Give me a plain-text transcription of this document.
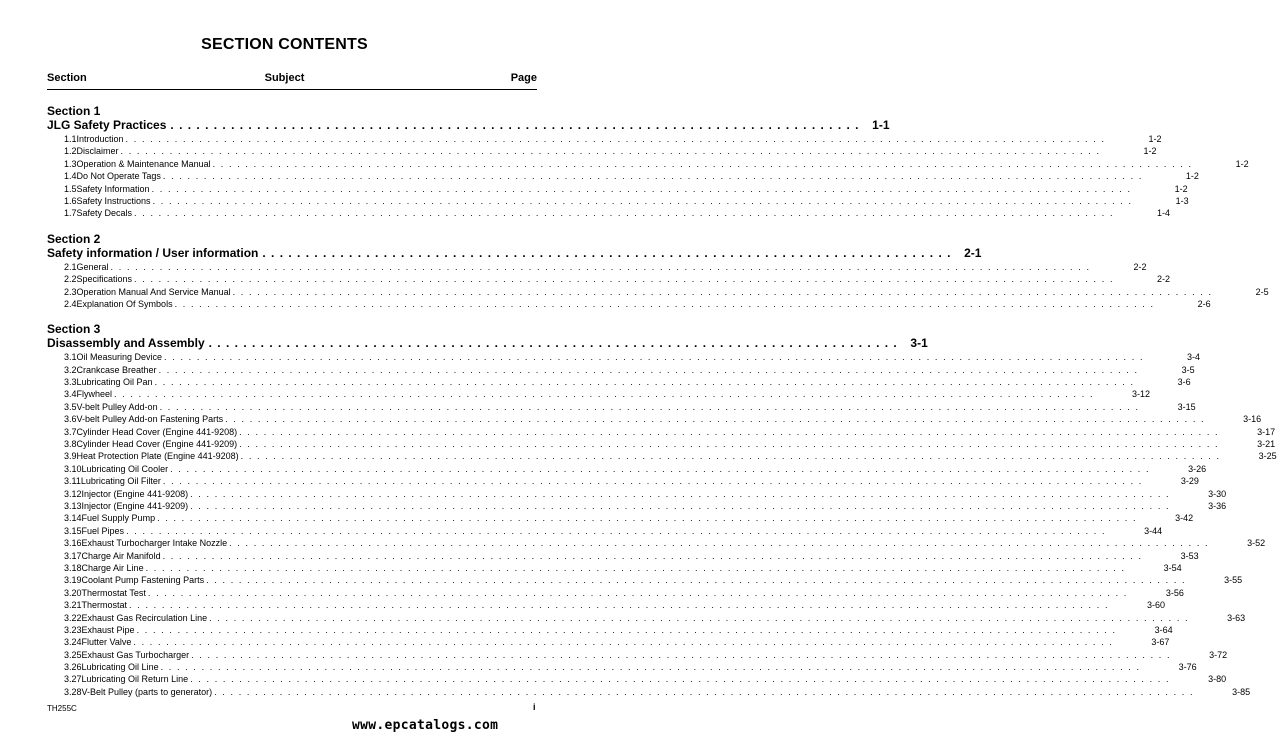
SECTION CONTENTS
Section	Subject	Page
Section 1
JLG Safety Practices . . . . . . . . . . . . . . . . . . . . . . . . . . . . . . . . . . . . . . . . . . . . . . . . . . . . . . . . . . . . . . . . . . . . . . . . . . . . . . . .	1-1
1.1 Introduction . . . . . . . . . . . . . . . . . . . . . . . . . . . . . . . . . . . . . . . . . . . . . . . . . . . . . . . . . . . . . . . . . . . . . . . . . . . . . . . . . . . . . . . . . . . . . . . . . . . . . . . . . . . . . . . . . . . . . . . .	1-2
1.2 Disclaimer . . . . . . . . . . . . . . . . . . . . . . . . . . . . . . . . . . . . . . . . . . . . . . . . . . . . . . . . . . . . . . . . . . . . . . . . . . . . . . . . . . . . . . . . . . . . . . . . . . . . . . . . . . . . . . . . . . . . . . . .	1-2
1.3 Operation & Maintenance Manual . . . . . . . . . . . . . . . . . . . . . . . . . . . . . . . . . . . . . . . . . . . . . . . . . . . . . . . . . . . . . . . . . . . . . . . . . . . . . . . . . . . . . . . . . . . . . . . . . . . . . . . . . . . . . . . . . . . . . . . .	1-2
1.4 Do Not Operate Tags . . . . . . . . . . . . . . . . . . . . . . . . . . . . . . . . . . . . . . . . . . . . . . . . . . . . . . . . . . . . . . . . . . . . . . . . . . . . . . . . . . . . . . . . . . . . . . . . . . . . . . . . . . . . . . . . . . . . . . . .	1-2
1.5 Safety Information . . . . . . . . . . . . . . . . . . . . . . . . . . . . . . . . . . . . . . . . . . . . . . . . . . . . . . . . . . . . . . . . . . . . . . . . . . . . . . . . . . . . . . . . . . . . . . . . . . . . . . . . . . . . . . . . . . . . . . . .	1-2
1.6 Safety Instructions . . . . . . . . . . . . . . . . . . . . . . . . . . . . . . . . . . . . . . . . . . . . . . . . . . . . . . . . . . . . . . . . . . . . . . . . . . . . . . . . . . . . . . . . . . . . . . . . . . . . . . . . . . . . . . . . . . . . . . . .	1-3
1.7 Safety Decals . . . . . . . . . . . . . . . . . . . . . . . . . . . . . . . . . . . . . . . . . . . . . . . . . . . . . . . . . . . . . . . . . . . . . . . . . . . . . . . . . . . . . . . . . . . . . . . . . . . . . . . . . . . . . . . . . . . . . . . .	1-4
Section 2
Safety information / User information . . . . . . . . . . . . . . . . . . . . . . . . . . . . . . . . . . . . . . . . . . . . . . . . . . . . . . . . . . . . . . . . . . . . . . . . . . . . . . . .	2-1
2.1 General . . . . . . . . . . . . . . . . . . . . . . . . . . . . . . . . . . . . . . . . . . . . . . . . . . . . . . . . . . . . . . . . . . . . . . . . . . . . . . . . . . . . . . . . . . . . . . . . . . . . . . . . . . . . . . . . . . . . . . . .	2-2
2.2 Specifications . . . . . . . . . . . . . . . . . . . . . . . . . . . . . . . . . . . . . . . . . . . . . . . . . . . . . . . . . . . . . . . . . . . . . . . . . . . . . . . . . . . . . . . . . . . . . . . . . . . . . . . . . . . . . . . . . . . . . . . .	2-2
2.3 Operation Manual And Service Manual . . . . . . . . . . . . . . . . . . . . . . . . . . . . . . . . . . . . . . . . . . . . . . . . . . . . . . . . . . . . . . . . . . . . . . . . . . . . . . . . . . . . . . . . . . . . . . . . . . . . . . . . . . . . . . . . . . . . . . . .	2-5
2.4 Explanation Of Symbols . . . . . . . . . . . . . . . . . . . . . . . . . . . . . . . . . . . . . . . . . . . . . . . . . . . . . . . . . . . . . . . . . . . . . . . . . . . . . . . . . . . . . . . . . . . . . . . . . . . . . . . . . . . . . . . . . . . . . . . .	2-6
Section 3
Disassembly and Assembly . . . . . . . . . . . . . . . . . . . . . . . . . . . . . . . . . . . . . . . . . . . . . . . . . . . . . . . . . . . . . . . . . . . . . . . . . . . . . . . .	3-1
3.1 Oil Measuring Device . . . . . . . . . . . . . . . . . . . . . . . . . . . . . . . . . . . . . . . . . . . . . . . . . . . . . . . . . . . . . . . . . . . . . . . . . . . . . . . . . . . . . . . . . . . . . . . . . . . . . . . . . . . . . . . . . . . . . . . .	3-4
3.2 Crankcase Breather . . . . . . . . . . . . . . . . . . . . . . . . . . . . . . . . . . . . . . . . . . . . . . . . . . . . . . . . . . . . . . . . . . . . . . . . . . . . . . . . . . . . . . . . . . . . . . . . . . . . . . . . . . . . . . . . . . . . . . . .	3-5
3.3 Lubricating Oil Pan . . . . . . . . . . . . . . . . . . . . . . . . . . . . . . . . . . . . . . . . . . . . . . . . . . . . . . . . . . . . . . . . . . . . . . . . . . . . . . . . . . . . . . . . . . . . . . . . . . . . . . . . . . . . . . . . . . . . . . . .	3-6
3.4 Flywheel . . . . . . . . . . . . . . . . . . . . . . . . . . . . . . . . . . . . . . . . . . . . . . . . . . . . . . . . . . . . . . . . . . . . . . . . . . . . . . . . . . . . . . . . . . . . . . . . . . . . . . . . . . . . . . . . . . . . . . . .	3-12
3.5 V-belt Pulley Add-on . . . . . . . . . . . . . . . . . . . . . . . . . . . . . . . . . . . . . . . . . . . . . . . . . . . . . . . . . . . . . . . . . . . . . . . . . . . . . . . . . . . . . . . . . . . . . . . . . . . . . . . . . . . . . . . . . . . . . . . .	3-15
3.6 V-belt Pulley Add-on Fastening Parts . . . . . . . . . . . . . . . . . . . . . . . . . . . . . . . . . . . . . . . . . . . . . . . . . . . . . . . . . . . . . . . . . . . . . . . . . . . . . . . . . . . . . . . . . . . . . . . . . . . . . . . . . . . . . . . . . . . . . . . .	3-16
3.7 Cylinder Head Cover (Engine 441-9208) . . . . . . . . . . . . . . . . . . . . . . . . . . . . . . . . . . . . . . . . . . . . . . . . . . . . . . . . . . . . . . . . . . . . . . . . . . . . . . . . . . . . . . . . . . . . . . . . . . . . . . . . . . . . . . . . . . . . . . . .	3-17
3.8 Cylinder Head Cover (Engine 441-9209) . . . . . . . . . . . . . . . . . . . . . . . . . . . . . . . . . . . . . . . . . . . . . . . . . . . . . . . . . . . . . . . . . . . . . . . . . . . . . . . . . . . . . . . . . . . . . . . . . . . . . . . . . . . . . . . . . . . . . . . .	3-21
3.9 Heat Protection Plate (Engine 441-9208) . . . . . . . . . . . . . . . . . . . . . . . . . . . . . . . . . . . . . . . . . . . . . . . . . . . . . . . . . . . . . . . . . . . . . . . . . . . . . . . . . . . . . . . . . . . . . . . . . . . . . . . . . . . . . . . . . . . . . . . .	3-25
3.10 Lubricating Oil Cooler . . . . . . . . . . . . . . . . . . . . . . . . . . . . . . . . . . . . . . . . . . . . . . . . . . . . . . . . . . . . . . . . . . . . . . . . . . . . . . . . . . . . . . . . . . . . . . . . . . . . . . . . . . . . . . . . . . . . . . . .	3-26
3.11 Lubricating Oil Filter . . . . . . . . . . . . . . . . . . . . . . . . . . . . . . . . . . . . . . . . . . . . . . . . . . . . . . . . . . . . . . . . . . . . . . . . . . . . . . . . . . . . . . . . . . . . . . . . . . . . . . . . . . . . . . . . . . . . . . . .	3-29
3.12 Injector (Engine 441-9208) . . . . . . . . . . . . . . . . . . . . . . . . . . . . . . . . . . . . . . . . . . . . . . . . . . . . . . . . . . . . . . . . . . . . . . . . . . . . . . . . . . . . . . . . . . . . . . . . . . . . . . . . . . . . . . . . . . . . . . . .	3-30
3.13 Injector (Engine 441-9209) . . . . . . . . . . . . . . . . . . . . . . . . . . . . . . . . . . . . . . . . . . . . . . . . . . . . . . . . . . . . . . . . . . . . . . . . . . . . . . . . . . . . . . . . . . . . . . . . . . . . . . . . . . . . . . . . . . . . . . . .	3-36
3.14 Fuel Supply Pump . . . . . . . . . . . . . . . . . . . . . . . . . . . . . . . . . . . . . . . . . . . . . . . . . . . . . . . . . . . . . . . . . . . . . . . . . . . . . . . . . . . . . . . . . . . . . . . . . . . . . . . . . . . . . . . . . . . . . . . .	3-42
3.15 Fuel Pipes . . . . . . . . . . . . . . . . . . . . . . . . . . . . . . . . . . . . . . . . . . . . . . . . . . . . . . . . . . . . . . . . . . . . . . . . . . . . . . . . . . . . . . . . . . . . . . . . . . . . . . . . . . . . . . . . . . . . . . . .	3-44
3.16 Exhaust Turbocharger Intake Nozzle . . . . . . . . . . . . . . . . . . . . . . . . . . . . . . . . . . . . . . . . . . . . . . . . . . . . . . . . . . . . . . . . . . . . . . . . . . . . . . . . . . . . . . . . . . . . . . . . . . . . . . . . . . . . . . . . . . . . . . . .	3-52
3.17 Charge Air Manifold . . . . . . . . . . . . . . . . . . . . . . . . . . . . . . . . . . . . . . . . . . . . . . . . . . . . . . . . . . . . . . . . . . . . . . . . . . . . . . . . . . . . . . . . . . . . . . . . . . . . . . . . . . . . . . . . . . . . . . . .	3-53
3.18 Charge Air Line . . . . . . . . . . . . . . . . . . . . . . . . . . . . . . . . . . . . . . . . . . . . . . . . . . . . . . . . . . . . . . . . . . . . . . . . . . . . . . . . . . . . . . . . . . . . . . . . . . . . . . . . . . . . . . . . . . . . . . . .	3-54
3.19 Coolant Pump Fastening Parts . . . . . . . . . . . . . . . . . . . . . . . . . . . . . . . . . . . . . . . . . . . . . . . . . . . . . . . . . . . . . . . . . . . . . . . . . . . . . . . . . . . . . . . . . . . . . . . . . . . . . . . . . . . . . . . . . . . . . . . .	3-55
3.20 Thermostat Test . . . . . . . . . . . . . . . . . . . . . . . . . . . . . . . . . . . . . . . . . . . . . . . . . . . . . . . . . . . . . . . . . . . . . . . . . . . . . . . . . . . . . . . . . . . . . . . . . . . . . . . . . . . . . . . . . . . . . . . .	3-56
3.21 Thermostat . . . . . . . . . . . . . . . . . . . . . . . . . . . . . . . . . . . . . . . . . . . . . . . . . . . . . . . . . . . . . . . . . . . . . . . . . . . . . . . . . . . . . . . . . . . . . . . . . . . . . . . . . . . . . . . . . . . . . . . .	3-60
3.22 Exhaust Gas Recirculation Line . . . . . . . . . . . . . . . . . . . . . . . . . . . . . . . . . . . . . . . . . . . . . . . . . . . . . . . . . . . . . . . . . . . . . . . . . . . . . . . . . . . . . . . . . . . . . . . . . . . . . . . . . . . . . . . . . . . . . . . .	3-63
3.23 Exhaust Pipe . . . . . . . . . . . . . . . . . . . . . . . . . . . . . . . . . . . . . . . . . . . . . . . . . . . . . . . . . . . . . . . . . . . . . . . . . . . . . . . . . . . . . . . . . . . . . . . . . . . . . . . . . . . . . . . . . . . . . . . .	3-64
3.24 Flutter Valve . . . . . . . . . . . . . . . . . . . . . . . . . . . . . . . . . . . . . . . . . . . . . . . . . . . . . . . . . . . . . . . . . . . . . . . . . . . . . . . . . . . . . . . . . . . . . . . . . . . . . . . . . . . . . . . . . . . . . . . .	3-67
3.25 Exhaust Gas Turbocharger . . . . . . . . . . . . . . . . . . . . . . . . . . . . . . . . . . . . . . . . . . . . . . . . . . . . . . . . . . . . . . . . . . . . . . . . . . . . . . . . . . . . . . . . . . . . . . . . . . . . . . . . . . . . . . . . . . . . . . . .	3-72
3.26 Lubricating Oil Line . . . . . . . . . . . . . . . . . . . . . . . . . . . . . . . . . . . . . . . . . . . . . . . . . . . . . . . . . . . . . . . . . . . . . . . . . . . . . . . . . . . . . . . . . . . . . . . . . . . . . . . . . . . . . . . . . . . . . . . .	3-76
3.27 Lubricating Oil Return Line . . . . . . . . . . . . . . . . . . . . . . . . . . . . . . . . . . . . . . . . . . . . . . . . . . . . . . . . . . . . . . . . . . . . . . . . . . . . . . . . . . . . . . . . . . . . . . . . . . . . . . . . . . . . . . . . . . . . . . . .	3-80
3.28 V-Belt Pulley (parts to generator) . . . . . . . . . . . . . . . . . . . . . . . . . . . . . . . . . . . . . . . . . . . . . . . . . . . . . . . . . . . . . . . . . . . . . . . . . . . . . . . . . . . . . . . . . . . . . . . . . . . . . . . . . . . . . . . . . . . . . . . .	3-85
TH255C	i
www.epcatalogs.com
